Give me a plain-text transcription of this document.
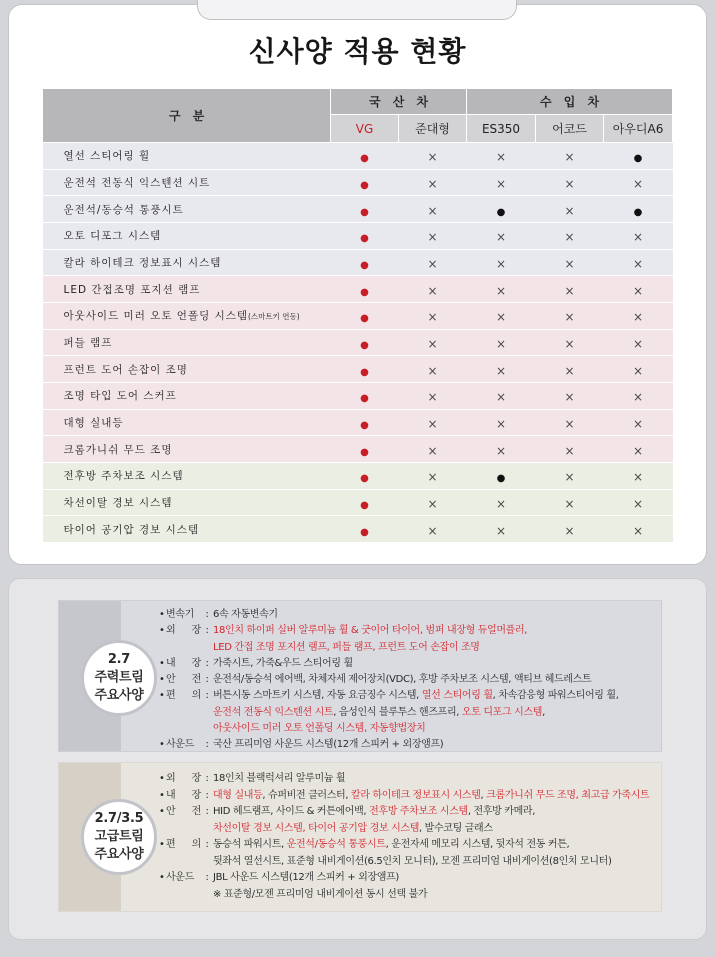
신사양 적용 현황
구 분	국 산 차		수 입 차		
	VG	준대형	ES350	어코드	아우디A6
열선 스티어링 휠	●	×	×	×	●
운전석 전동식 익스텐션 시트	●	×	×	×	×
운전석/동승석 통풍시트	●	×	●	×	●
오토 디포그 시스템	●	×	×	×	×
칼라 하이테크 정보표시 시스템	●	×	×	×	×
LED 간접조명 포지션 램프	●	×	×	×	×
아웃사이드 미러 오토 언폴딩 시스템(스마트키 연동)	●	×	×	×	×
퍼들 램프	●	×	×	×	×
프런트 도어 손잡이 조명	●	×	×	×	×
조명 타입 도어 스커프	●	×	×	×	×
대형 실내등	●	×	×	×	×
크롬가니쉬 무드 조명	●	×	×	×	×
전후방 주차보조 시스템	●	×	●	×	×
차선이탈 경보 시스템	●	×	×	×	×
타이어 공기압 경보 시스템	●	×	×	×	×
2.7
주력트림
주요사양
• 변속기	: 6속 자동변속기
• 외 장 : 18인치 하이퍼 실버 알루미늄 휠 & 굿이어 타이어, 범퍼 내장형 듀얼머플러,
LED 간접 조명 포지션 램프, 퍼들 램프, 프런트 도어 손잡이 조명
• 내 장 : 가죽시트, 가죽&우드 스티어링 휠
• 안 전 : 운전석/동승석 에어백, 차체자세 제어장치(VDC), 후방 주차보조 시스템, 액티브 헤드레스트
• 편 의 : 버튼시동 스마트키 시스템, 자동 요금징수 시스템, 열선 스티어링 휠, 차속감응형 파워스티어링 휠,
운전석 전동식 익스텐션 시트, 음성인식 블루투스 핸즈프리, 오토 디포그 시스템,
아웃사이드 미러 오토 언폴딩 시스템, 자동향법장치
• 사운드	: 국산 프리미엄 사운드 시스템(12개 스피커 + 외장앰프)
2.7/3.5
고급트림
주요사양
• 외 장 : 18인치 블랙럭셔리 알루미늄 휠
• 내 장 : 대형 실내등, 슈퍼비전 클러스터, 칼라 하이테크 정보표시 시스템, 크롬가니쉬 무드 조명, 최고급 가죽시트
• 안 전 : HID 헤드램프, 사이드 & 커튼에어백, 전후방 주차보조 시스템, 전후방 카메라,
차선이탈 경보 시스템, 타이어 공기압 경보 시스템, 발수코팅 글래스
• 편 의 : 동승석 파워시트, 운전석/동승석 통풍시트, 운전자세 메모리 시스템, 뒷자석 전동 커튼,
뒷좌석 열선시트, 표준형 내비게이션(6.5인치 모니터), 모젠 프리미엄 내비게이션(8인치 모니터)
• 사운드	: JBL 사운드 시스템(12개 스피커 + 외장앰프)
※ 표준형/모젠 프리미엄 내비게이션 동시 선택 불가
